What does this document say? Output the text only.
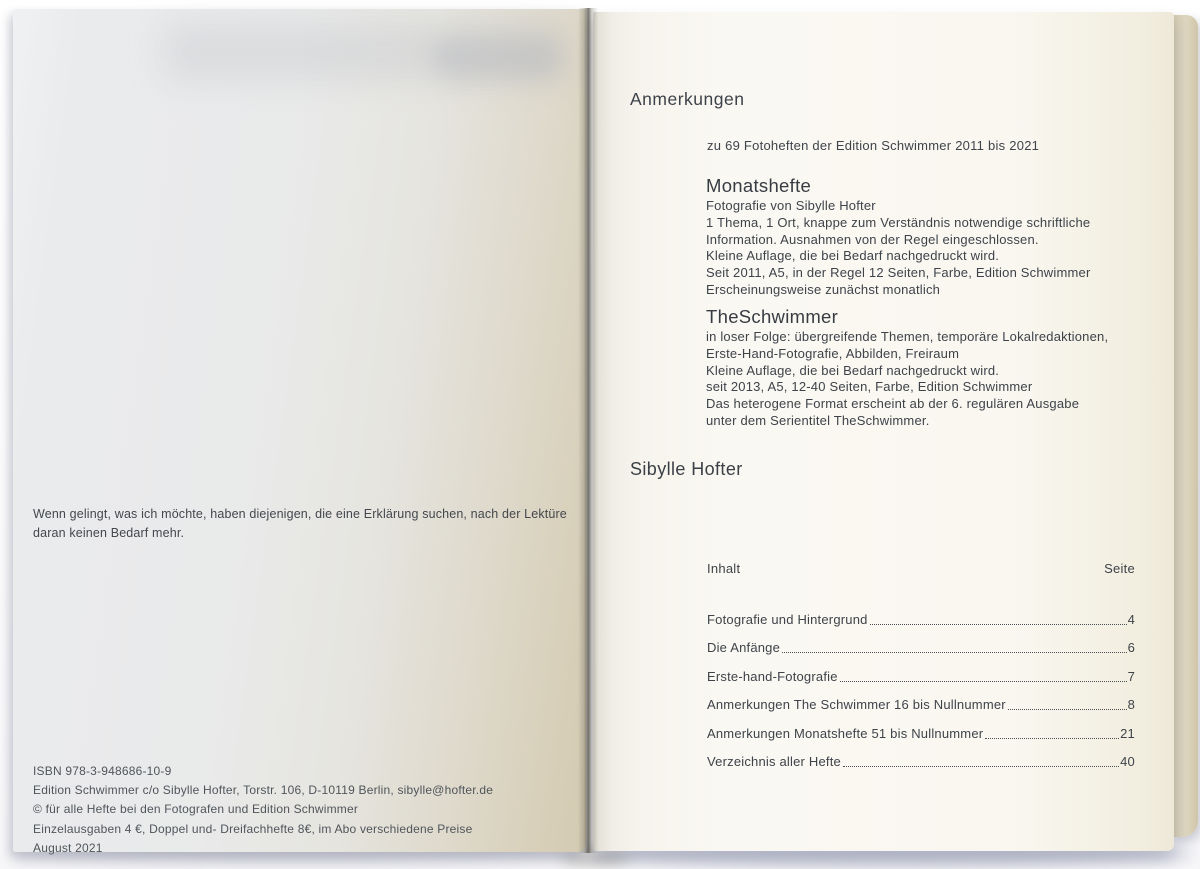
Wenn gelingt, was ich möchte, haben diejenigen, die eine Erklärung suchen, nach der Lektüre
daran keinen Bedarf mehr.
ISBN 978-3-948686-10-9
Edition Schwimmer c/o Sibylle Hofter, Torstr. 106, D-10119 Berlin, sibylle@hofter.de
© für alle Hefte bei den Fotografen und Edition Schwimmer
Einzelausgaben 4 €, Doppel und- Dreifachhefte 8€, im Abo verschiedene Preise
August 2021
Anmerkungen
zu 69 Fotoheften der Edition Schwimmer 2011 bis 2021
Monatshefte
Fotografie von Sibylle Hofter
1 Thema, 1 Ort, knappe zum Verständnis notwendige schriftliche
Information. Ausnahmen von der Regel eingeschlossen.
Kleine Auflage, die bei Bedarf nachgedruckt wird.
Seit 2011, A5, in der Regel 12 Seiten, Farbe, Edition Schwimmer
Erscheinungsweise zunächst monatlich
TheSchwimmer
in loser Folge: übergreifende Themen, temporäre Lokalredaktionen,
Erste-Hand-Fotografie, Abbilden, Freiraum
Kleine Auflage, die bei Bedarf nachgedruckt wird.
seit 2013, A5, 12-40 Seiten, Farbe, Edition Schwimmer
Das heterogene Format erscheint ab der 6. regulären Ausgabe
unter dem Serientitel TheSchwimmer.
Sibylle Hofter
Inhalt	Seite
Fotografie und Hintergrund	4
Die Anfänge	6
Erste-hand-Fotografie	7
Anmerkungen The Schwimmer 16 bis Nullnummer	8
Anmerkungen Monatshefte 51 bis Nullnummer	21
Verzeichnis aller Hefte	40
